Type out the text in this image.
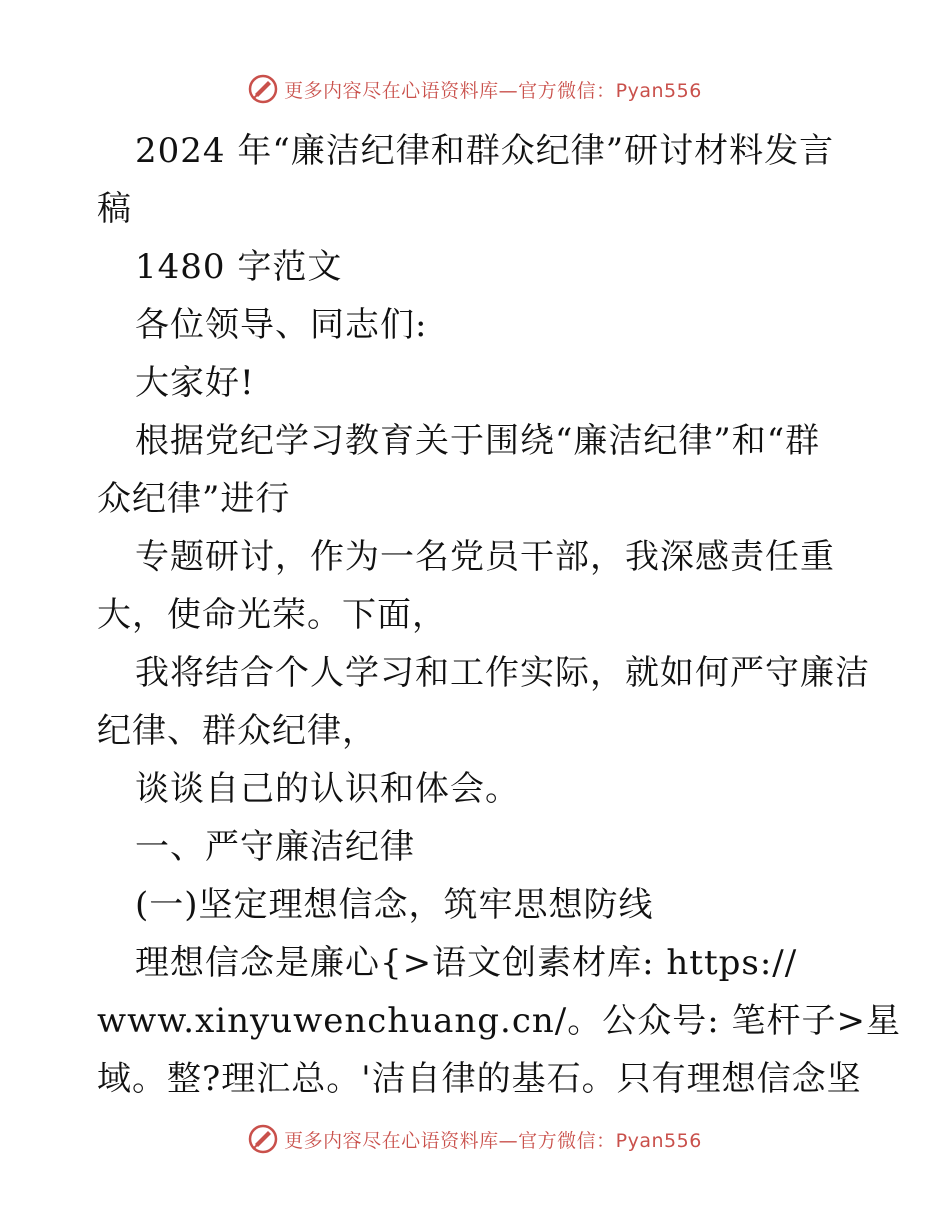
更多内容尽在心语资料库—官方微信：Pyan556
2024 年“廉洁纪律和群众纪律”研讨材料发言
稿
1480 字范文
各位领导、同志们:
大家好!
根据党纪学习教育关于围绕“廉洁纪律”和“群
众纪律”进行
专题研讨，作为一名党员干部，我深感责任重
大，使命光荣。下面，
我将结合个人学习和工作实际，就如何严守廉洁
纪律、群众纪律，
谈谈自己的认识和体会。
一、严守廉洁纪律
(一)坚定理想信念，筑牢思想防线
理想信念是廉心{>语文创素材库: https://
www.xinyuwenchuang.cn/。公众号: 笔杆子>星
域。整?理汇总。'洁自律的基石。只有理想信念坚
更多内容尽在心语资料库—官方微信：Pyan556
